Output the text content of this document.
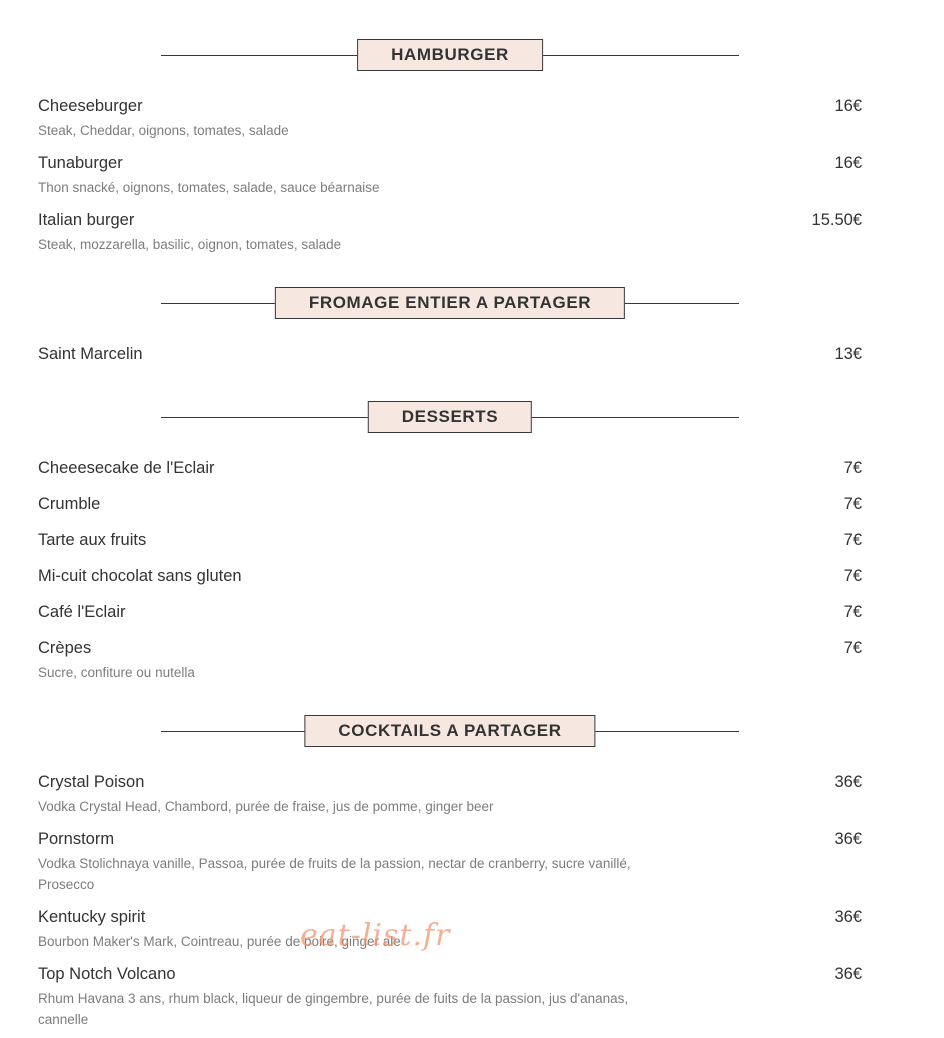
HAMBURGER
Cheeseburger	16€
Steak, Cheddar, oignons, tomates, salade
Tunaburger	16€
Thon snacké, oignons, tomates, salade, sauce béarnaise
Italian burger	15.50€
Steak, mozzarella, basilic, oignon, tomates, salade
FROMAGE ENTIER A PARTAGER
Saint Marcelin	13€
DESSERTS
Cheeesecake de l'Eclair	7€
Crumble	7€
Tarte aux fruits	7€
Mi-cuit chocolat sans gluten	7€
Café l'Eclair	7€
Crèpes	7€
Sucre, confiture ou nutella
COCKTAILS A PARTAGER
Crystal Poison	36€
Vodka Crystal Head, Chambord, purée de fraise, jus de pomme, ginger beer
Pornstorm	36€
Vodka Stolichnaya vanille, Passoa, purée de fruits de la passion, nectar de cranberry, sucre vanillé, Prosecco
Kentucky spirit	36€
Bourbon Maker's Mark, Cointreau, purée de poire, ginger ale
Top Notch Volcano	36€
Rhum Havana 3 ans, rhum black, liqueur de gingembre, purée de fuits de la passion, jus d'ananas, cannelle
eat-list.fr
